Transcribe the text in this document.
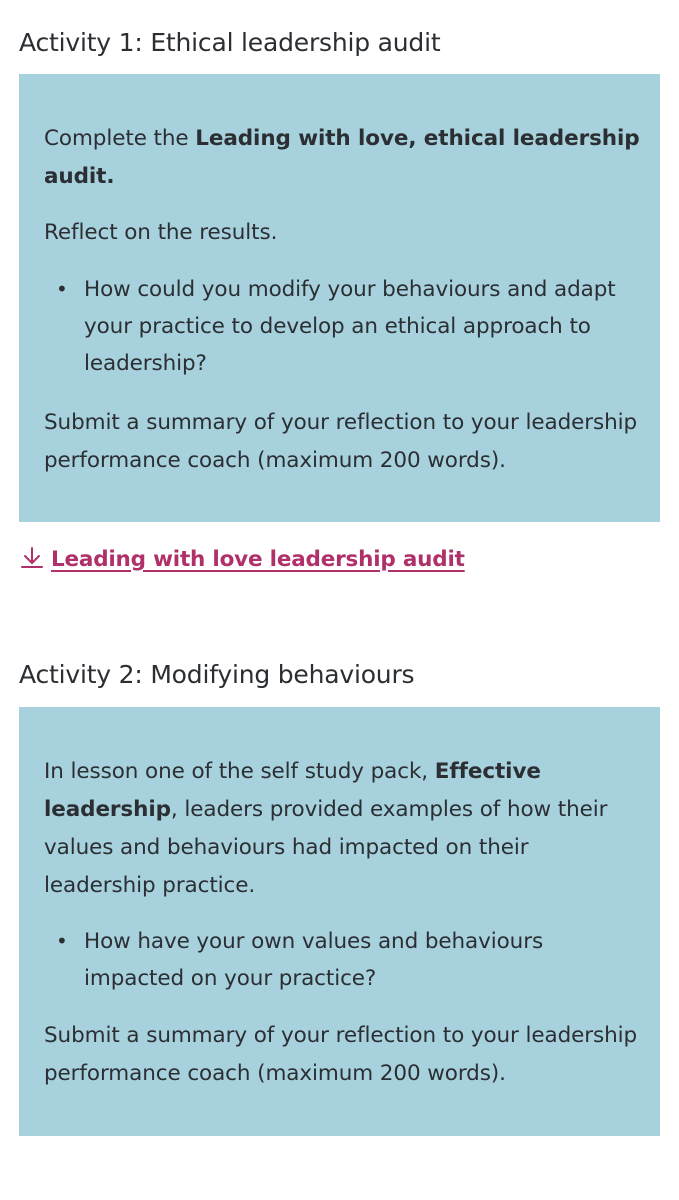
Activity 1: Ethical leadership audit

Complete the Leading with love, ethical leadership audit.

Reflect on the results.

• How could you modify your behaviours and adapt your practice to develop an ethical approach to leadership?

Submit a summary of your reflection to your leadership performance coach (maximum 200 words).

Leading with love leadership audit
Activity 2: Modifying behaviours

In lesson one of the self study pack, Effective leadership, leaders provided examples of how their values and behaviours had impacted on their leadership practice.

• How have your own values and behaviours impacted on your practice?

Submit a summary of your reflection to your leadership performance coach (maximum 200 words).
